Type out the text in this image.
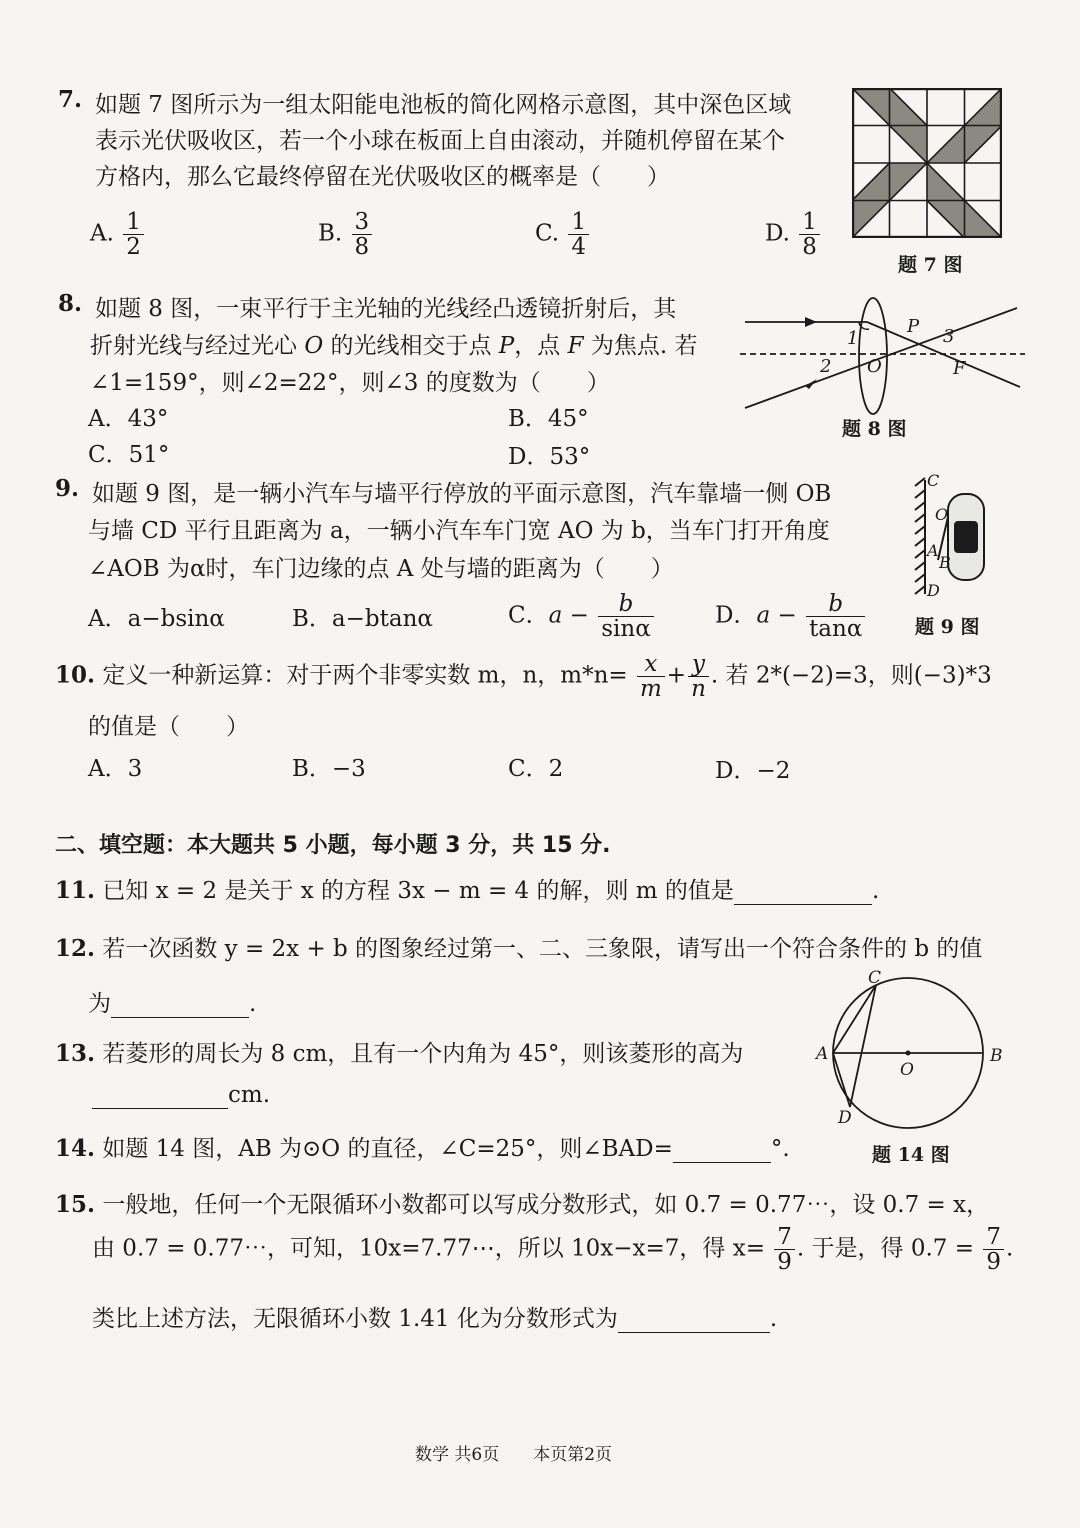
7. 如题 7 图所示为一组太阳能电池板的简化网格示意图，其中深色区域
表示光伏吸收区，若一个小球在板面上自由滚动，并随机停留在某个
方格内，那么它最终停留在光伏吸收区的概率是（　　）
A. $\frac{1}{2}$	B. $\frac{3}{8}$	C. $\frac{1}{4}$	D. $\frac{1}{8}$
题 7 图
8. 如题 8 图，一束平行于主光轴的光线经凸透镜折射后，其
折射光线与经过光心 O 的光线相交于点 P，点 F 为焦点. 若
∠1=159°，则∠2=22°，则∠3 的度数为（　　）
A．43°	B．45°
C．51°	D．53°
1
2
3
O
P
F
题 8 图
9. 如题 9 图，是一辆小汽车与墙平行停放的平面示意图，汽车靠墙一侧 OB
与墙 CD 平行且距离为 a，一辆小汽车车门宽 AO 为 b，当车门打开角度
∠AOB 为α时，车门边缘的点 A 处与墙的距离为（　　）
A．a−bsinα	B．a−btanα	C．$a - \frac{b}{\sin\alpha}$	D．$a - \frac{b}{\tan\alpha}$
C
O
A
B
D
题 9 图
10. 定义一种新运算：对于两个非零实数 m，n，$m*n= \frac{x}{m} + \frac{y}{n}$ . 若 2*(−2)=3，则(−3)*3
的值是（　　）
A．3	B．−3	C．2	D．−2
二、填空题：本大题共 5 小题，每小题 3 分，共 15 分.
11. 已知 x = 2 是关于 x 的方程 3x − m = 4 的解，则 m 的值是	.
12. 若一次函数 y = 2x + b 的图象经过第一、二、三象限，请写出一个符合条件的 b 的值
为	.
13. 若菱形的周长为 8 cm，且有一个内角为 45°，则该菱形的高为
cm.
14. 如题 14 图，AB 为⊙O 的直径，∠C=25°，则∠BAD=	°.
C
A
O
B
D
题 14 图
15. 一般地，任何一个无限循环小数都可以写成分数形式，如 0.7 = 0.77⋯，设 0.7 = x，
由 0.7 = 0.77⋯，可知，10x=7.77⋯，所以 10x−x=7，得 $x= \frac{7}{9}$ . 于是，得 $0.7 = \frac{7}{9}$ .
类比上述方法，无限循环小数 1.41 化为分数形式为	.
数学 共6页　　本页第2页
